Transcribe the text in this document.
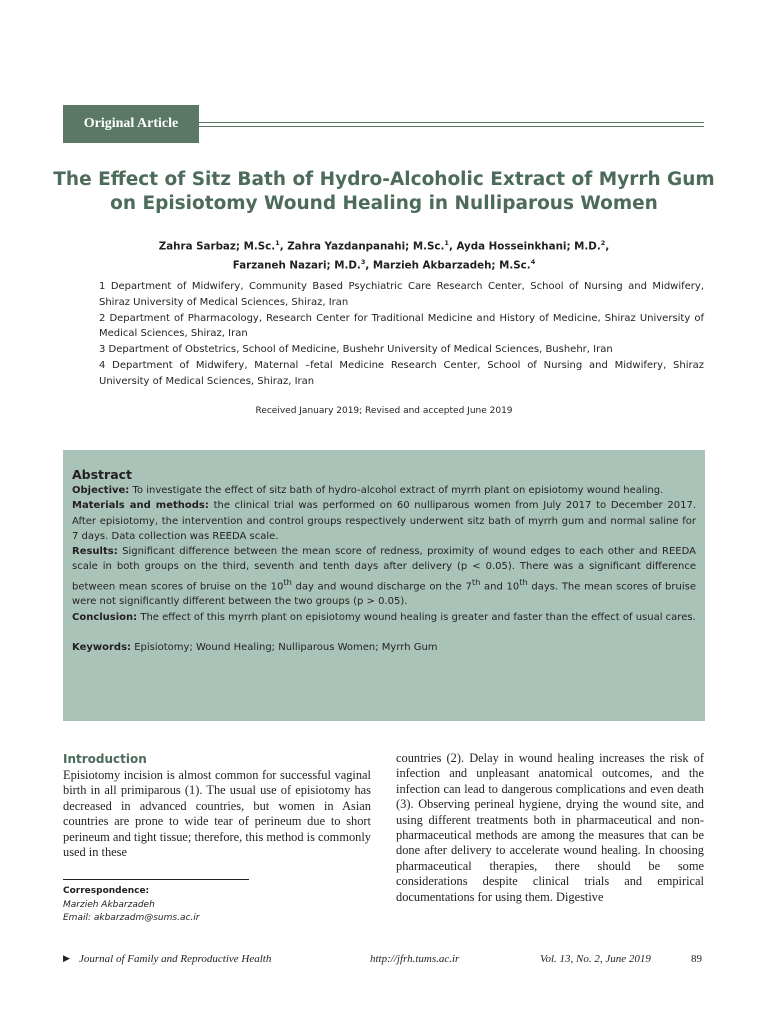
Original Article
The Effect of Sitz Bath of Hydro-Alcoholic Extract of Myrrh Gum
on Episiotomy Wound Healing in Nulliparous Women
Zahra Sarbaz; M.Sc.$^1$, Zahra Yazdanpanahi; M.Sc.$^1$, Ayda Hosseinkhani; M.D.$^2$,
Farzaneh Nazari; M.D.$^3$, Marzieh Akbarzadeh; M.Sc.$^4$

1 Department of Midwifery, Community Based Psychiatric Care Research Center, School of Nursing and Midwifery, Shiraz University of Medical Sciences, Shiraz, Iran

2 Department of Pharmacology, Research Center for Traditional Medicine and History of Medicine, Shiraz University of Medical Sciences, Shiraz, Iran

3 Department of Obstetrics, School of Medicine, Bushehr University of Medical Sciences, Bushehr, Iran

4 Department of Midwifery, Maternal –fetal Medicine Research Center, School of Nursing and Midwifery, Shiraz University of Medical Sciences, Shiraz, Iran

Received January 2019; Revised and accepted June 2019
Abstract

Objective: To investigate the effect of sitz bath of hydro-alcohol extract of myrrh plant on episiotomy wound healing.

Materials and methods: the clinical trial was performed on 60 nulliparous women from July 2017 to December 2017. After episiotomy, the intervention and control groups respectively underwent sitz bath of myrrh gum and normal saline for 7 days. Data collection was REEDA scale.

Results: Significant difference between the mean score of redness, proximity of wound edges to each other and REEDA scale in both groups on the third, seventh and tenth days after delivery (p < 0.05). There was a significant difference between mean scores of bruise on the 10th day and wound discharge on the 7th and 10th days. The mean scores of bruise were not significantly different between the two groups (p > 0.05).

Conclusion: The effect of this myrrh plant on episiotomy wound healing is greater and faster than the effect of usual cares.

Keywords: Episiotomy; Wound Healing; Nulliparous Women; Myrrh Gum

Introduction

Episiotomy incision is almost common for successful vaginal birth in all primiparous (1). The usual use of episiotomy has decreased in advanced countries, but women in Asian countries are prone to wide tear of perineum due to short perineum and tight tissue; therefore, this method is commonly used in these

countries (2). Delay in wound healing increases the risk of infection and unpleasant anatomical outcomes, and the infection can lead to dangerous complications and even death (3). Observing perineal hygiene, drying the wound site, and using different treatments both in pharmaceutical and non-pharmaceutical methods are among the measures that can be done after delivery to accelerate wound healing. In choosing pharmaceutical therapies, there should be some considerations despite clinical trials and empirical documentations for using them. Digestive

Correspondence:
Marzieh Akbarzadeh
Email: akbarzadm@sums.ac.ir
▶ Journal of Family and Reproductive Health	http://jfrh.tums.ac.ir	Vol. 13, No. 2, June 2019	89
